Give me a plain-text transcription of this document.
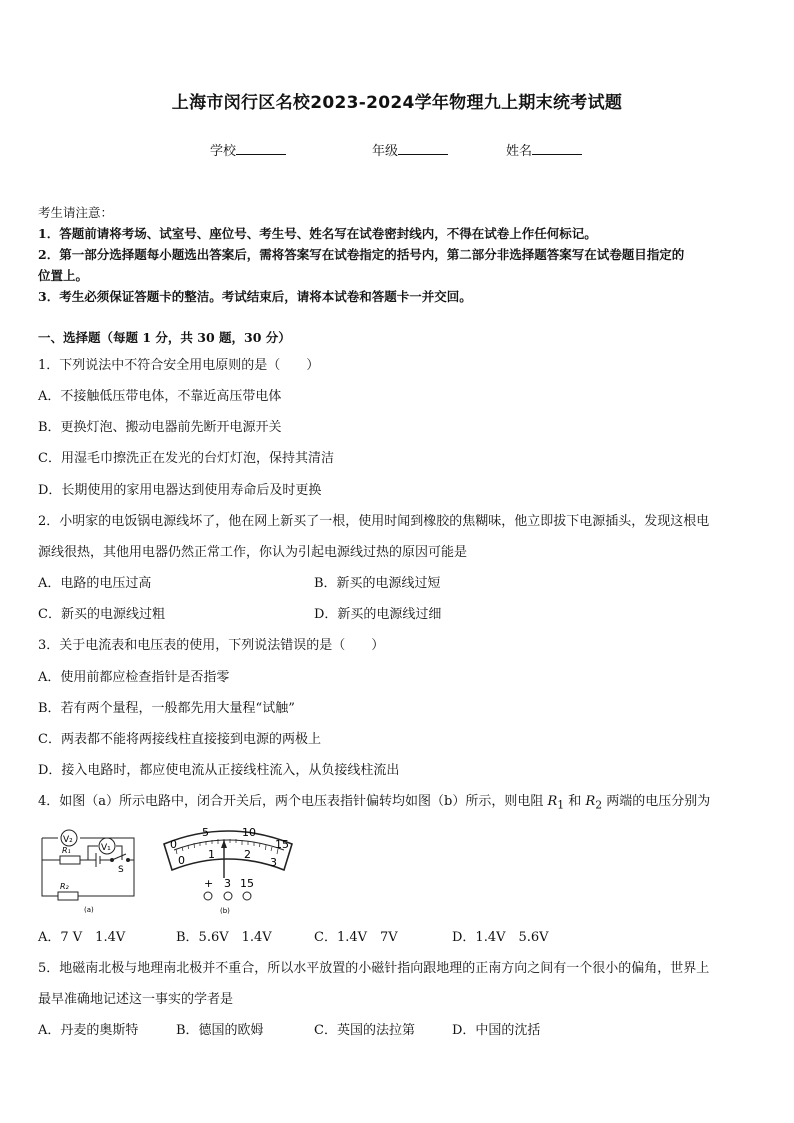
上海市闵行区名校2023-2024学年物理九上期末统考试题
学校	年级	姓名
考生请注意：
1．答题前请将考场、试室号、座位号、考生号、姓名写在试卷密封线内，不得在试卷上作任何标记。
2．第一部分选择题每小题选出答案后，需将答案写在试卷指定的括号内，第二部分非选择题答案写在试卷题目指定的
位置上。
3．考生必须保证答题卡的整洁。考试结束后，请将本试卷和答题卡一并交回。
一、选择题（每题 1 分，共 30 题，30 分）
1．下列说法中不符合安全用电原则的是（　　）
A．不接触低压带电体，不靠近高压带电体
B．更换灯泡、搬动电器前先断开电源开关
C．用湿毛巾擦洗正在发光的台灯灯泡，保持其清洁
D．长期使用的家用电器达到使用寿命后及时更换
2．小明家的电饭锅电源线坏了，他在网上新买了一根，使用时闻到橡胶的焦糊味，他立即拔下电源插头，发现这根电
源线很热，其他用电器仍然正常工作，你认为引起电源线过热的原因可能是
A．电路的电压过高	B．新买的电源线过短
C．新买的电源线过粗	D．新买的电源线过细
3．关于电流表和电压表的使用，下列说法错误的是（　　）
A．使用前都应检查指针是否指零
B．若有两个量程，一般都先用大量程“试触”
C．两表都不能将两接线柱直接接到电源的两极上
D．接入电路时，都应使电流从正接线柱流入，从负接线柱流出
4．如图（a）所示电路中，闭合开关后，两个电压表指针偏转均如图（b）所示，则电阻 $R_1$ 和 $R_2$ 两端的电压分别为
V₂
V₁
R₁
R₂
S
(a)
0
5	10
15
0 1	2
3
+ 3 15
(b)
A．7 V　1.4V	B．5.6V　1.4V	C．1.4V　7V	D．1.4V　5.6V
5．地磁南北极与地理南北极并不重合，所以水平放置的小磁针指向跟地理的正南方向之间有一个很小的偏角，世界上
最早准确地记述这一事实的学者是
A．丹麦的奥斯特	B．德国的欧姆	C．英国的法拉第	D．中国的沈括
